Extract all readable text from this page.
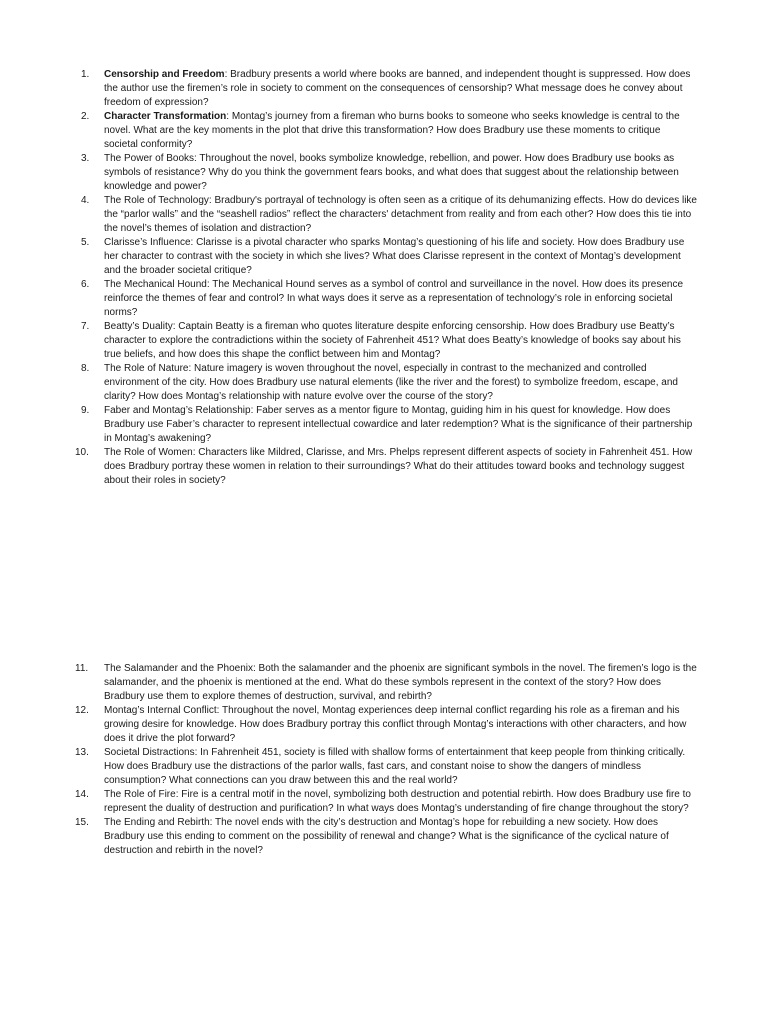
1.	Censorship and Freedom: Bradbury presents a world where books are banned, and independent thought is suppressed. How does the author use the firemen’s role in society to comment on the consequences of censorship? What message does he convey about freedom of expression?
2.	Character Transformation: Montag’s journey from a fireman who burns books to someone who seeks knowledge is central to the novel. What are the key moments in the plot that drive this transformation? How does Bradbury use these moments to critique societal conformity?
3.	The Power of Books: Throughout the novel, books symbolize knowledge, rebellion, and power. How does Bradbury use books as symbols of resistance? Why do you think the government fears books, and what does that suggest about the relationship between knowledge and power?
4.	The Role of Technology: Bradbury's portrayal of technology is often seen as a critique of its dehumanizing effects. How do devices like the “parlor walls” and the “seashell radios” reflect the characters' detachment from reality and from each other? How does this tie into the novel’s themes of isolation and distraction?
5.	Clarisse’s Influence: Clarisse is a pivotal character who sparks Montag’s questioning of his life and society. How does Bradbury use her character to contrast with the society in which she lives? What does Clarisse represent in the context of Montag’s development and the broader societal critique?
6.	The Mechanical Hound: The Mechanical Hound serves as a symbol of control and surveillance in the novel. How does its presence reinforce the themes of fear and control? In what ways does it serve as a representation of technology’s role in enforcing societal norms?
7.	Beatty’s Duality: Captain Beatty is a fireman who quotes literature despite enforcing censorship. How does Bradbury use Beatty’s character to explore the contradictions within the society of Fahrenheit 451? What does Beatty’s knowledge of books say about his true beliefs, and how does this shape the conflict between him and Montag?
8.	The Role of Nature: Nature imagery is woven throughout the novel, especially in contrast to the mechanized and controlled environment of the city. How does Bradbury use natural elements (like the river and the forest) to symbolize freedom, escape, and clarity? How does Montag’s relationship with nature evolve over the course of the story?
9.	Faber and Montag’s Relationship: Faber serves as a mentor figure to Montag, guiding him in his quest for knowledge. How does Bradbury use Faber’s character to represent intellectual cowardice and later redemption? What is the significance of their partnership in Montag’s awakening?
10.	The Role of Women: Characters like Mildred, Clarisse, and Mrs. Phelps represent different aspects of society in Fahrenheit 451. How does Bradbury portray these women in relation to their surroundings? What do their attitudes toward books and technology suggest about their roles in society?
11.	The Salamander and the Phoenix: Both the salamander and the phoenix are significant symbols in the novel. The firemen’s logo is the salamander, and the phoenix is mentioned at the end. What do these symbols represent in the context of the story? How does Bradbury use them to explore themes of destruction, survival, and rebirth?
12.	Montag’s Internal Conflict: Throughout the novel, Montag experiences deep internal conflict regarding his role as a fireman and his growing desire for knowledge. How does Bradbury portray this conflict through Montag’s interactions with other characters, and how does it drive the plot forward?
13.	Societal Distractions: In Fahrenheit 451, society is filled with shallow forms of entertainment that keep people from thinking critically. How does Bradbury use the distractions of the parlor walls, fast cars, and constant noise to show the dangers of mindless consumption? What connections can you draw between this and the real world?
14.	The Role of Fire: Fire is a central motif in the novel, symbolizing both destruction and potential rebirth. How does Bradbury use fire to represent the duality of destruction and purification? In what ways does Montag’s understanding of fire change throughout the story?
15.	The Ending and Rebirth: The novel ends with the city’s destruction and Montag’s hope for rebuilding a new society. How does Bradbury use this ending to comment on the possibility of renewal and change? What is the significance of the cyclical nature of destruction and rebirth in the novel?
